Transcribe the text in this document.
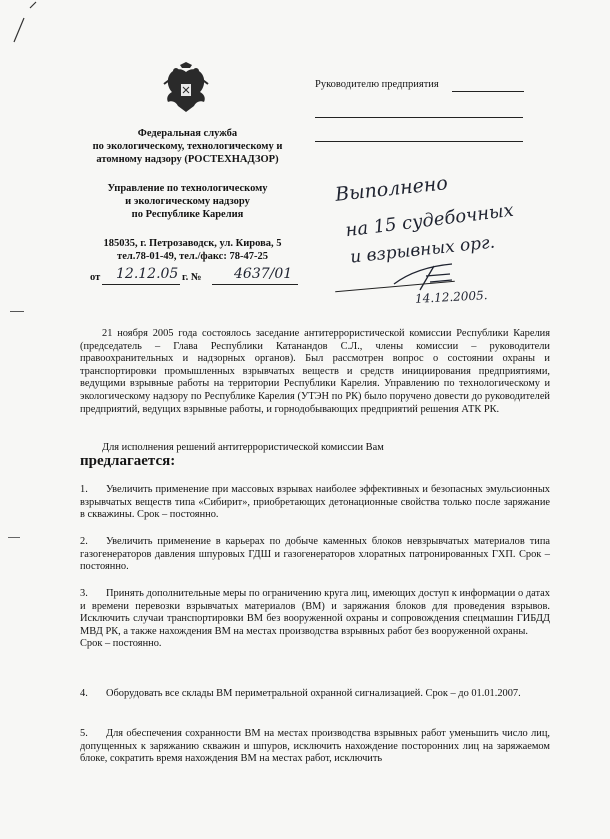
Федеральная служба
по экологическому, технологическому и
атомному надзору (РОСТЕХНАДЗОР)
Управление по технологическому
и экологическому надзору
по Республике Карелия
185035, г. Петрозаводск, ул. Кирова, 5
тел.78-01-49, тел./факс: 78-47-25
от 12.12.05 г. № 4637/01
Руководителю предприятия
Выполнено
на 15 судебочных
и взрывных орг.
14.12.2005.
21 ноября 2005 года состоялось заседание антитеррористической комиссии Республики Карелия (председатель – Глава Республики Катанандов С.Л., члены комиссии – руководители правоохранительных и надзорных органов). Был рассмотрен вопрос о состоянии охраны и транспортировки промышленных взрывчатых веществ и средств инициирования предприятиями, ведущими взрывные работы на территории Республики Карелия. Управлению по технологическому и экологическому надзору по Республике Карелия (УТЭН по РК) было поручено довести до руководителей предприятий, ведущих взрывные работы, и горнодобывающих предприятий решения АТК РК.
Для исполнения решений антитеррористической комиссии Вам
предлагается:
1. Увеличить применение при массовых взрывах наиболее эффективных и безопасных эмульсионных взрывчатых веществ типа «Сибирит», приобретающих детонационные свойства только после заряжание в скважины. Срок – постоянно.
2. Увеличить применение в карьерах по добыче каменных блоков невзрывчатых материалов типа газогенераторов давления шпуровых ГДШ и газогенераторов хлоратных патронированных ГХП. Срок – постоянно.
3. Принять дополнительные меры по ограничению круга лиц, имеющих доступ к информации о датах и времени перевозки взрывчатых материалов (ВМ) и заряжания блоков для проведения взрывов. Исключить случаи транспортировки ВМ без вооруженной охраны и сопровождения спецмашин ГИБДД МВД РК, а также нахождения ВМ на местах производства взрывных работ без вооруженной охраны.
Срок – постоянно.
4. Оборудовать все склады ВМ периметральной охранной сигнализацией. Срок – до 01.01.2007.
5. Для обеспечения сохранности ВМ на местах производства взрывных работ уменьшить число лиц, допущенных к заряжанию скважин и шпуров, исключить нахождение посторонних лиц на заряжаемом блоке, сократить время нахождения ВМ на местах работ, исключить
